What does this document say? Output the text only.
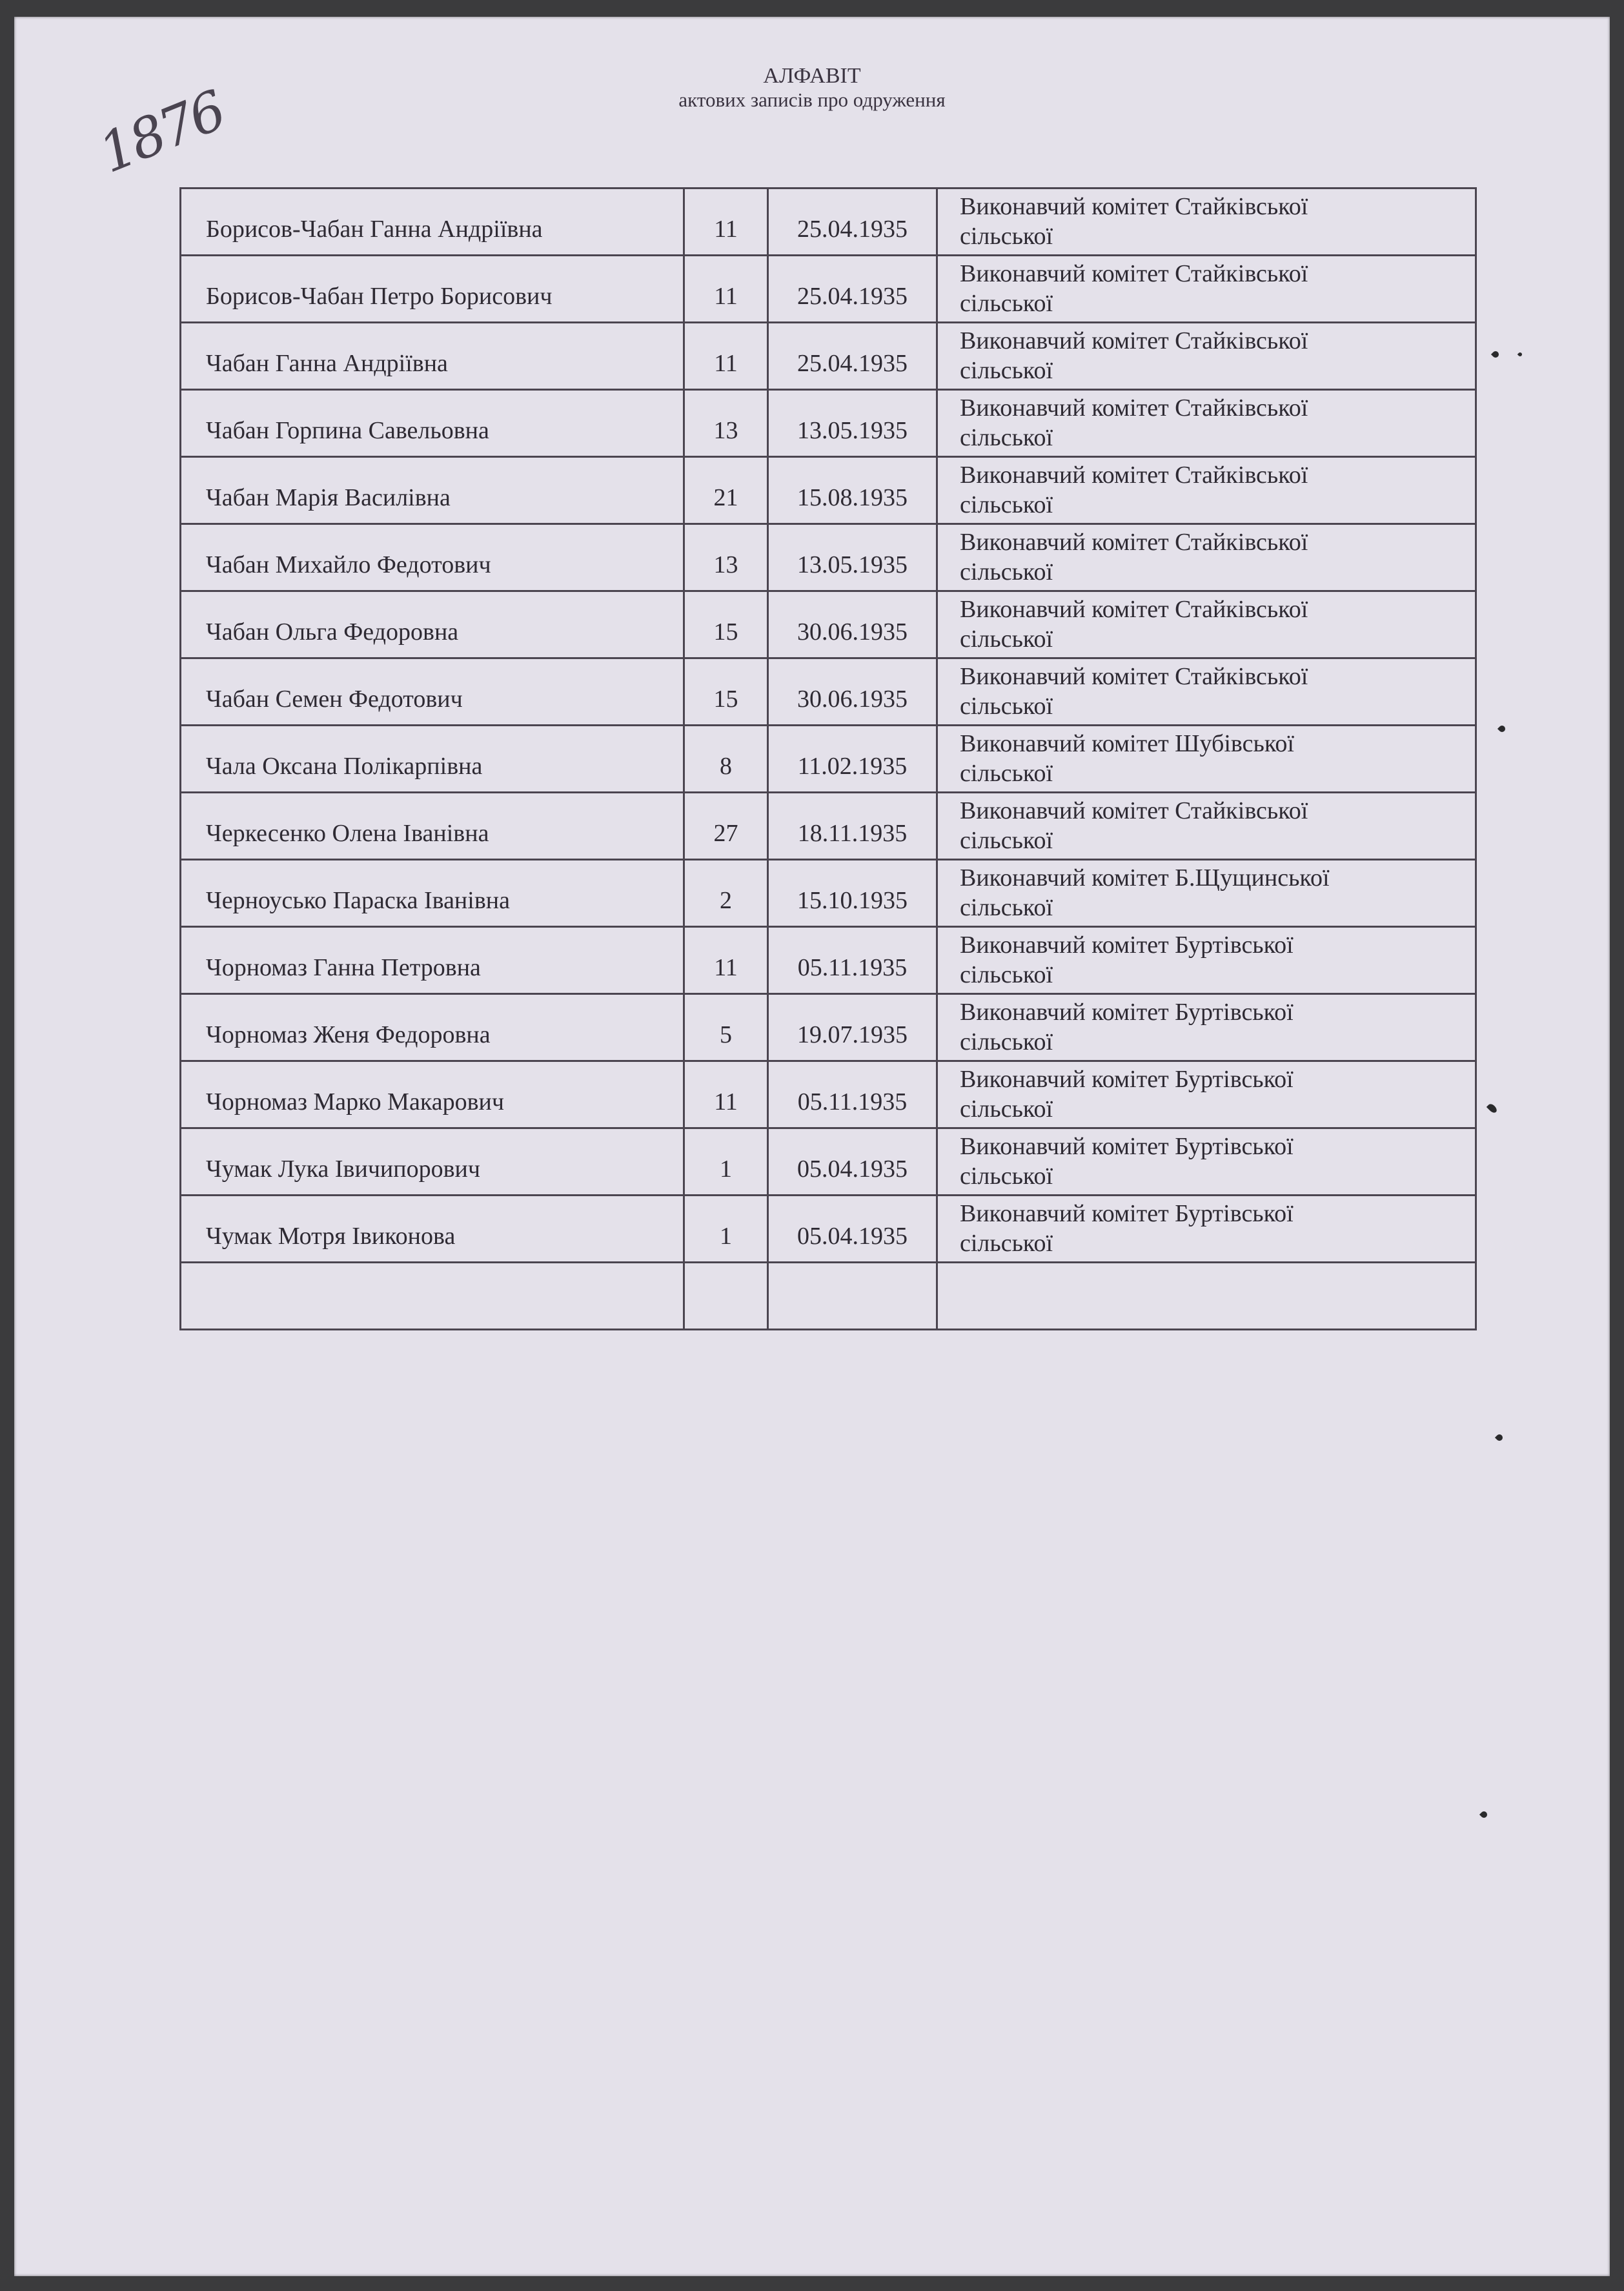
АЛФАВІТ
актових записів про одруження
1876
Борисов-Чабан Ганна Андріївна	11	25.04.1935	Виконавчий комітет Стайківської
сільської

Борисов-Чабан Петро Борисович	11	25.04.1935	Виконавчий комітет Стайківської
сільської

Чабан Ганна Андріївна	11	25.04.1935	Виконавчий комітет Стайківської
сільської

Чабан Горпина Савельовна	13	13.05.1935	Виконавчий комітет Стайківської
сільської

Чабан Марія Василівна	21	15.08.1935	Виконавчий комітет Стайківської
сільської

Чабан Михайло Федотович	13	13.05.1935	Виконавчий комітет Стайківської
сільської

Чабан Ольга Федоровна	15	30.06.1935	Виконавчий комітет Стайківської
сільської

Чабан Семен Федотович	15	30.06.1935	Виконавчий комітет Стайківської
сільської

Чала Оксана Полікарпівна	8	11.02.1935	Виконавчий комітет Шубівської
сільської

Черкесенко Олена Іванівна	27	18.11.1935	Виконавчий комітет Стайківської
сільської

Черноусько Параска Іванівна	2	15.10.1935	Виконавчий комітет Б.Щущинської
сільської

Чорномаз Ганна Петровна	11	05.11.1935	Виконавчий комітет Буртівської
сільської

Чорномаз Женя Федоровна	5	19.07.1935	Виконавчий комітет Буртівської
сільської

Чорномаз Марко Макарович	11	05.11.1935	Виконавчий комітет Буртівської
сільської

Чумак Лука Івичипорович	1	05.04.1935	Виконавчий комітет Буртівської
сільської

Чумак Мотря Івиконова	1	05.04.1935	Виконавчий комітет Буртівської
сільської
